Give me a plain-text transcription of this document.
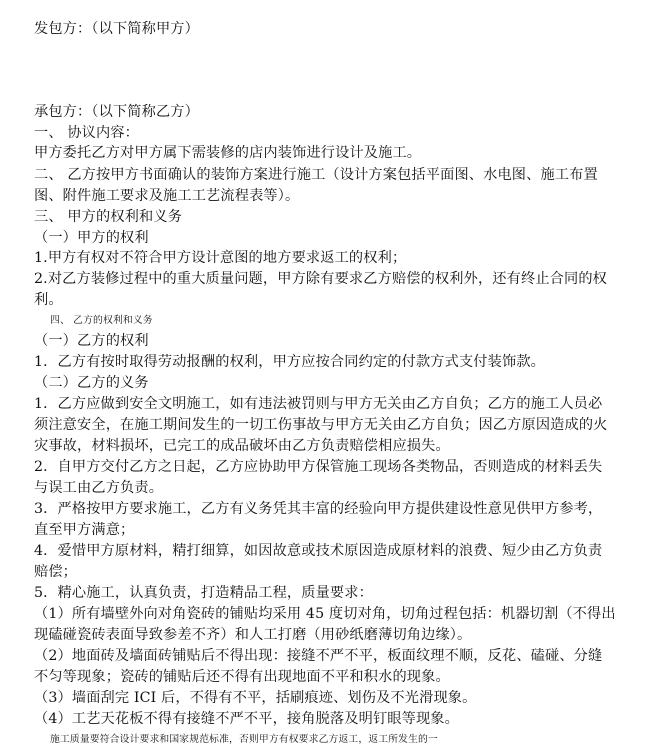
发包方：（以下简称甲方）
承包方：（以下简称乙方）
一、 协议内容：
甲方委托乙方对甲方属下需装修的店内装饰进行设计及施工。
二、 乙方按甲方书面确认的装饰方案进行施工（设计方案包括平面图、水电图、施工布置
图、附件施工要求及施工工艺流程表等）。
三、 甲方的权利和义务
（一）甲方的权利
1.甲方有权对不符合甲方设计意图的地方要求返工的权利；
2.对乙方装修过程中的重大质量问题，甲方除有要求乙方赔偿的权利外，还有终止合同的权
利。
四、 乙方的权利和义务
（一）乙方的权利
1．乙方有按时取得劳动报酬的权利，甲方应按合同约定的付款方式支付装饰款。
（二）乙方的义务
1．乙方应做到安全文明施工，如有违法被罚则与甲方无关由乙方自负；乙方的施工人员必
须注意安全，在施工期间发生的一切工伤事故与甲方无关由乙方自负；因乙方原因造成的火
灾事故，材料损坏，已完工的成品破坏由乙方负责赔偿相应损失。
2．自甲方交付乙方之日起，乙方应协助甲方保管施工现场各类物品，否则造成的材料丢失
与误工由乙方负责。
3．严格按甲方要求施工，乙方有义务凭其丰富的经验向甲方提供建设性意见供甲方参考，
直至甲方满意；
4．爱惜甲方原材料，精打细算，如因故意或技术原因造成原材料的浪费、短少由乙方负责
赔偿；
5．精心施工，认真负责，打造精品工程，质量要求：
（1）所有墙壁外向对角瓷砖的铺贴均采用 45 度切对角，切角过程包括：机器切割（不得出
现磕碰瓷砖表面导致参差不齐）和人工打磨（用砂纸磨薄切角边缘）。
（2）地面砖及墙面砖铺贴后不得出现：接缝不严不平，板面纹理不顺，反花、磕碰、分缝
不匀等现象；瓷砖的铺贴后还不得有出现地面不平和积水的现象。
（3）墙面刮完 ICI 后，不得有不平，括刷痕迹、划伤及不光滑现象。
（4）工艺天花板不得有接缝不严不平，接角脱落及明钉眼等现象。
施工质量要符合设计要求和国家规范标准，否则甲方有权要求乙方返工，返工所发生的一
